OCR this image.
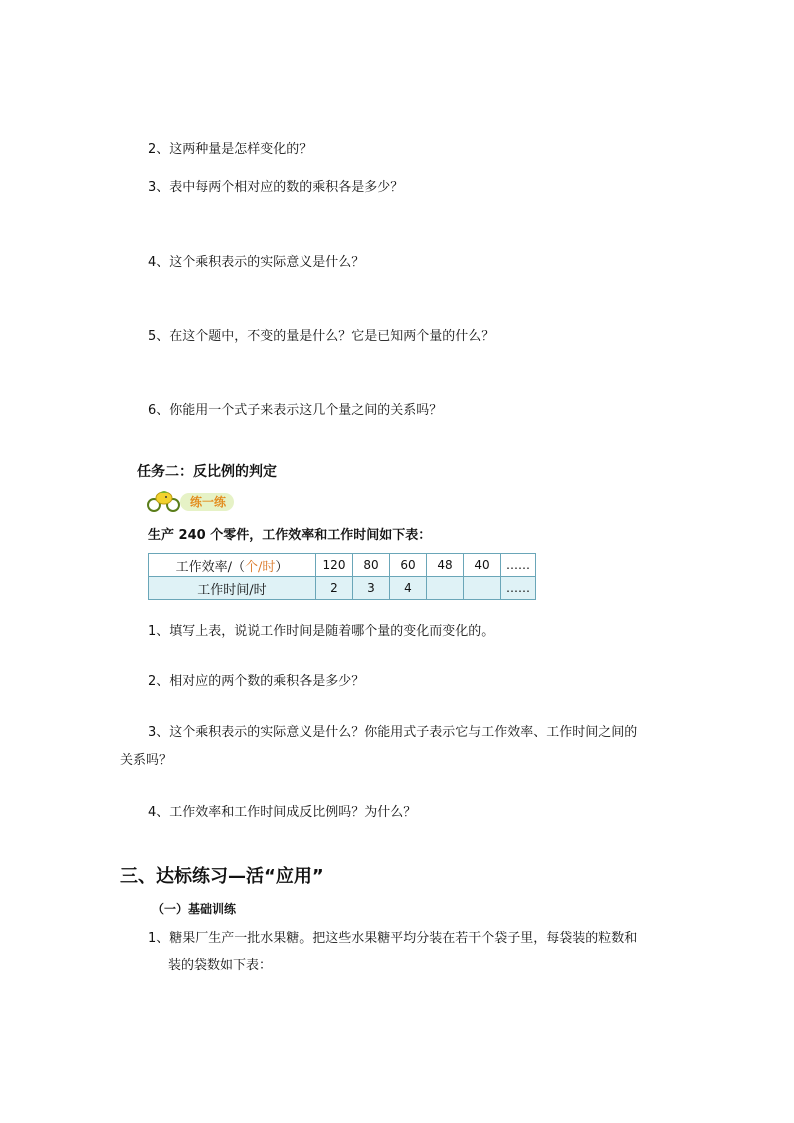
2、这两种量是怎样变化的？
3、表中每两个相对应的数的乘积各是多少？
4、这个乘积表示的实际意义是什么？
5、在这个题中，不变的量是什么？它是已知两个量的什么？
6、你能用一个式子来表示这几个量之间的关系吗？
任务二：反比例的判定
练一练
生产 240 个零件，工作效率和工作时间如下表：
工作效率/（个/时）	120	80	60	48	40	……
工作时间/时	2	3	4			……
1、填写上表，说说工作时间是随着哪个量的变化而变化的。
2、相对应的两个数的乘积各是多少？
3、这个乘积表示的实际意义是什么？你能用式子表示它与工作效率、工作时间之间的
关系吗？
4、工作效率和工作时间成反比例吗？为什么？
三、达标练习—活“应用”
（一）基础训练
1、糖果厂生产一批水果糖。把这些水果糖平均分装在若干个袋子里，每袋装的粒数和
装的袋数如下表：
